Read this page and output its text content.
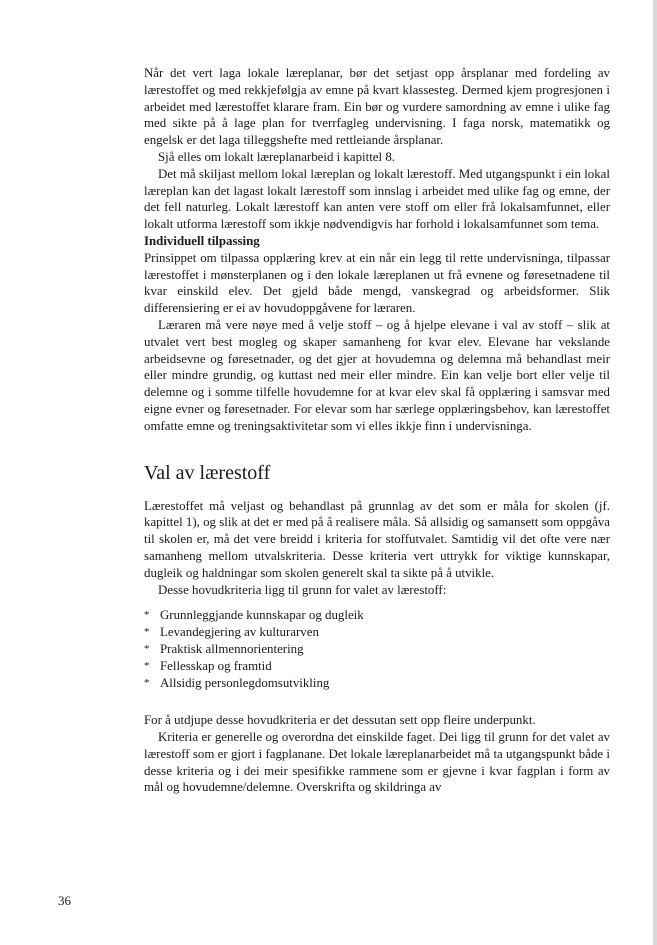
Når det vert laga lokale læreplanar, bør det setjast opp årsplanar med fordeling av lærestoffet og med rekkjefølgja av emne på kvart klassesteg. Dermed kjem progresjonen i arbeidet med lærestoffet klarare fram. Ein bør og vurdere samordning av emne i ulike fag med sikte på å lage plan for tverrfagleg undervisning. I faga norsk, matematikk og engelsk er det laga tilleggshefte med rettleiande årsplanar.

Sjå elles om lokalt læreplanarbeid i kapittel 8.

Det må skiljast mellom lokal læreplan og lokalt lærestoff. Med utgangspunkt i ein lokal læreplan kan det lagast lokalt lærestoff som innslag i arbeidet med ulike fag og emne, der det fell naturleg. Lokalt lærestoff kan anten vere stoff om eller frå lokalsamfunnet, eller lokalt utforma lærestoff som ikkje nødvendigvis har forhold i lokalsamfunnet som tema.

Individuell tilpassing

Prinsippet om tilpassa opplæring krev at ein når ein legg til rette undervisninga, tilpassar lærestoffet i mønsterplanen og i den lokale læreplanen ut frå evnene og føresetnadene til kvar einskild elev. Det gjeld både mengd, vanskegrad og arbeidsformer. Slik differensiering er ei av hovudoppgåvene for læraren.

Læraren må vere nøye med å velje stoff – og å hjelpe elevane i val av stoff – slik at utvalet vert best mogleg og skaper samanheng for kvar elev. Elevane har vekslande arbeidsevne og føresetnader, og det gjer at hovudemna og delemna må behandlast meir eller mindre grundig, og kuttast ned meir eller mindre. Ein kan velje bort eller velje til delemne og i somme tilfelle hovudemne for at kvar elev skal få opplæring i samsvar med eigne evner og føresetnader. For elevar som har særlege opplæringsbehov, kan lærestoffet omfatte emne og treningsaktivitetar som vi elles ikkje finn i undervisninga.

Val av lærestoff

Lærestoffet må veljast og behandlast på grunnlag av det som er måla for skolen (jf. kapittel 1), og slik at det er med på å realisere måla. Så allsidig og samansett som oppgåva til skolen er, må det vere breidd i kriteria for stoffutvalet. Samtidig vil det ofte vere nær samanheng mellom utvalskriteria. Desse kriteria vert uttrykk for viktige kunnskapar, dugleik og haldningar som skolen generelt skal ta sikte på å utvikle.

Desse hovudkriteria ligg til grunn for valet av lærestoff:

* Grunnleggjande kunnskapar og dugleik
* Levandegjering av kulturarven
* Praktisk allmennorientering
* Fellesskap og framtid
* Allsidig personlegdomsutvikling

For å utdjupe desse hovudkriteria er det dessutan sett opp fleire underpunkt.

Kriteria er generelle og overordna det einskilde faget. Dei ligg til grunn for det valet av lærestoff som er gjort i fagplanane. Det lokale læreplanarbeidet må ta utgangspunkt både i desse kriteria og i dei meir spesifikke rammene som er gjevne i kvar fagplan i form av mål og hovudemne/delemne. Overskrifta og skildringa av

36
